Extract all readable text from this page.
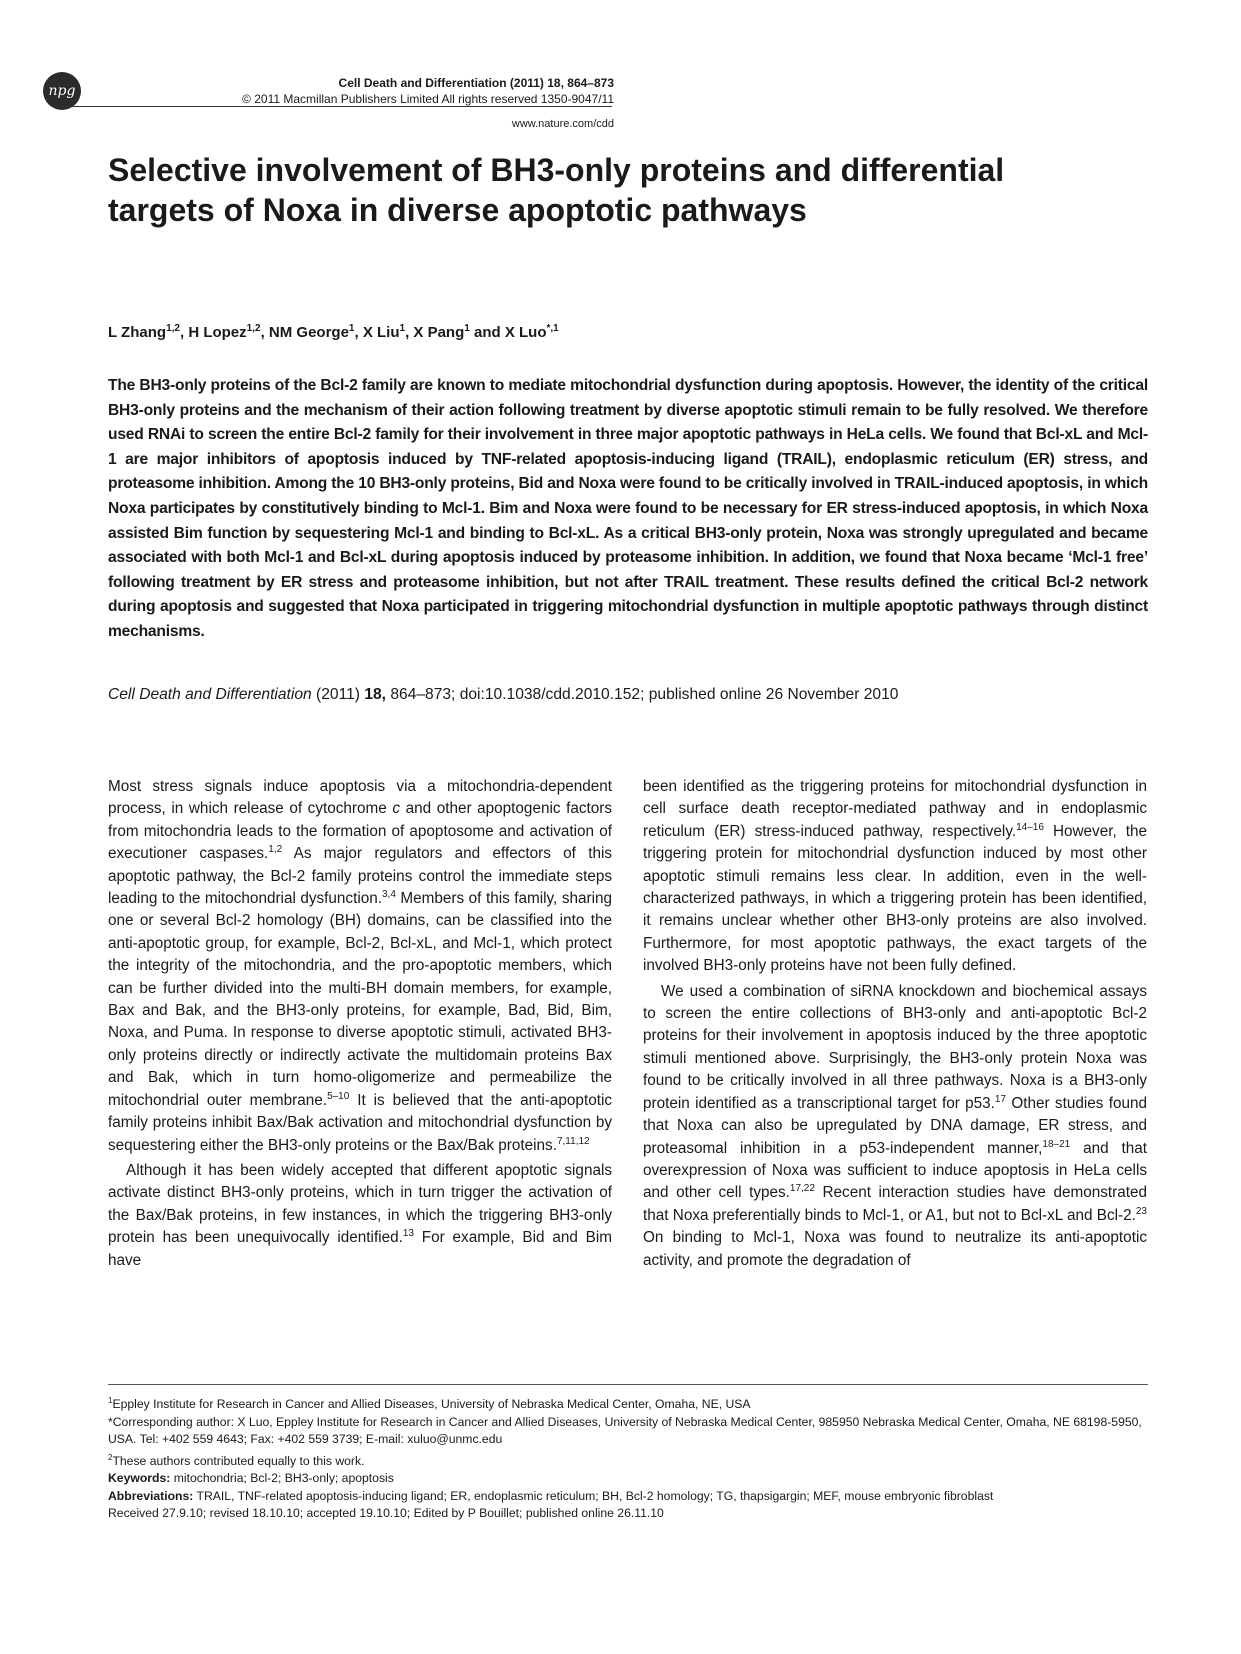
npg	Cell Death and Differentiation (2011) 18, 864–873
© 2011 Macmillan Publishers Limited All rights reserved 1350-9047/11
www.nature.com/cdd
Selective involvement of BH3-only proteins and differential targets of Noxa in diverse apoptotic pathways
L Zhang$^{1,2}$, H Lopez$^{1,2}$, NM George$^1$, X Liu$^1$, X Pang$^1$ and X Luo$^{*,1}$

The BH3-only proteins of the Bcl-2 family are known to mediate mitochondrial dysfunction during apoptosis. However, the identity of the critical BH3-only proteins and the mechanism of their action following treatment by diverse apoptotic stimuli remain to be fully resolved. We therefore used RNAi to screen the entire Bcl-2 family for their involvement in three major apoptotic pathways in HeLa cells. We found that Bcl-xL and Mcl-1 are major inhibitors of apoptosis induced by TNF-related apoptosis-inducing ligand (TRAIL), endoplasmic reticulum (ER) stress, and proteasome inhibition. Among the 10 BH3-only proteins, Bid and Noxa were found to be critically involved in TRAIL-induced apoptosis, in which Noxa participates by constitutively binding to Mcl-1. Bim and Noxa were found to be necessary for ER stress-induced apoptosis, in which Noxa assisted Bim function by sequestering Mcl-1 and binding to Bcl-xL. As a critical BH3-only protein, Noxa was strongly upregulated and became associated with both Mcl-1 and Bcl-xL during apoptosis induced by proteasome inhibition. In addition, we found that Noxa became ‘Mcl-1 free’ following treatment by ER stress and proteasome inhibition, but not after TRAIL treatment. These results defined the critical Bcl-2 network during apoptosis and suggested that Noxa participated in triggering mitochondrial dysfunction in multiple apoptotic pathways through distinct mechanisms.

Cell Death and Differentiation (2011) 18, 864–873; doi:10.1038/cdd.2010.152; published online 26 November 2010

Most stress signals induce apoptosis via a mitochondria-dependent process, in which release of cytochrome c and other apoptogenic factors from mitochondria leads to the formation of apoptosome and activation of executioner caspases.$^{1,2}$ As major regulators and effectors of this apoptotic pathway, the Bcl-2 family proteins control the immediate steps leading to the mitochondrial dysfunction.$^{3,4}$ Members of this family, sharing one or several Bcl-2 homology (BH) domains, can be classified into the anti-apoptotic group, for example, Bcl-2, Bcl-xL, and Mcl-1, which protect the integrity of the mitochondria, and the pro-apoptotic members, which can be further divided into the multi-BH domain members, for example, Bax and Bak, and the BH3-only proteins, for example, Bad, Bid, Bim, Noxa, and Puma. In response to diverse apoptotic stimuli, activated BH3-only proteins directly or indirectly activate the multidomain proteins Bax and Bak, which in turn homo-oligomerize and permeabilize the mitochondrial outer membrane.$^{5-10}$ It is believed that the anti-apoptotic family proteins inhibit Bax/Bak activation and mitochondrial dysfunction by sequestering either the BH3-only proteins or the Bax/Bak proteins.$^{7,11,12}$

Although it has been widely accepted that different apoptotic signals activate distinct BH3-only proteins, which in turn trigger the activation of the Bax/Bak proteins, in few instances, in which the triggering BH3-only protein has been unequivocally identified.$^{13}$ For example, Bid and Bim have

been identified as the triggering proteins for mitochondrial dysfunction in cell surface death receptor-mediated pathway and in endoplasmic reticulum (ER) stress-induced pathway, respectively.$^{14-16}$ However, the triggering protein for mitochondrial dysfunction induced by most other apoptotic stimuli remains less clear. In addition, even in the well-characterized pathways, in which a triggering protein has been identified, it remains unclear whether other BH3-only proteins are also involved. Furthermore, for most apoptotic pathways, the exact targets of the involved BH3-only proteins have not been fully defined.

We used a combination of siRNA knockdown and biochemical assays to screen the entire collections of BH3-only and anti-apoptotic Bcl-2 proteins for their involvement in apoptosis induced by the three apoptotic stimuli mentioned above. Surprisingly, the BH3-only protein Noxa was found to be critically involved in all three pathways. Noxa is a BH3-only protein identified as a transcriptional target for p53.17 Other studies found that Noxa can also be upregulated by DNA damage, ER stress, and proteasomal inhibition in a p53-independent manner,$^{18-21}$ and that overexpression of Noxa was sufficient to induce apoptosis in HeLa cells and other cell types.$^{17,22}$ Recent interaction studies have demonstrated that Noxa preferentially binds to Mcl-1, or A1, but not to Bcl-xL and Bcl-2.23 On binding to Mcl-1, Noxa was found to neutralize its anti-apoptotic activity, and promote the degradation of

$^1$Eppley Institute for Research in Cancer and Allied Diseases, University of Nebraska Medical Center, Omaha, NE, USA
*Corresponding author: X Luo, Eppley Institute for Research in Cancer and Allied Diseases, University of Nebraska Medical Center, 985950 Nebraska Medical Center, Omaha, NE 68198-5950, USA. Tel: +402 559 4643; Fax: +402 559 3739; E-mail: xuluo@unmc.edu
$^2$These authors contributed equally to this work.
Keywords: mitochondria; Bcl-2; BH3-only; apoptosis
Abbreviations: TRAIL, TNF-related apoptosis-inducing ligand; ER, endoplasmic reticulum; BH, Bcl-2 homology; TG, thapsigargin; MEF, mouse embryonic fibroblast
Received 27.9.10; revised 18.10.10; accepted 19.10.10; Edited by P Bouillet; published online 26.11.10
